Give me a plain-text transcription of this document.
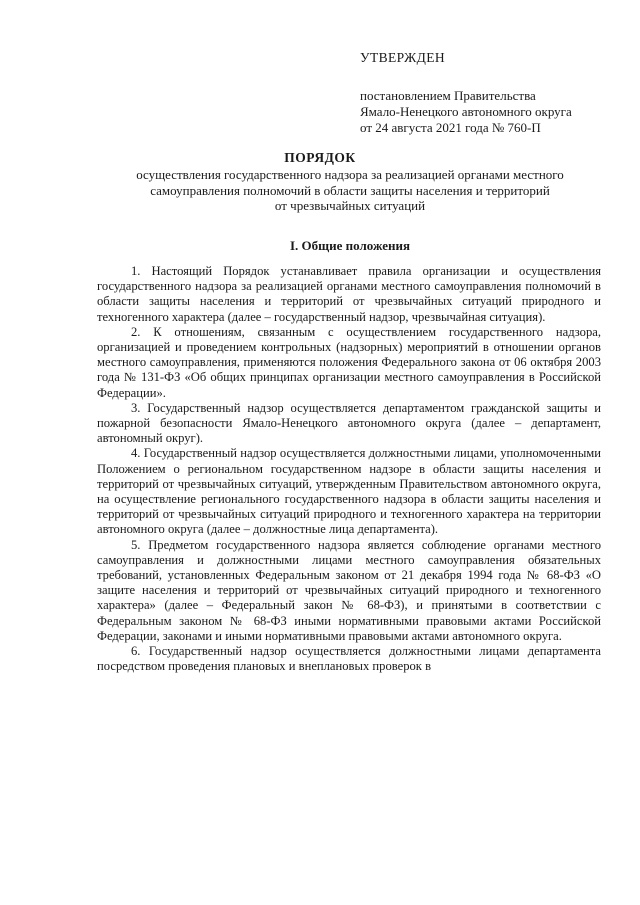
УТВЕРЖДЕН
постановлением Правительства
Ямало-Ненецкого автономного округа
от 24 августа 2021 года № 760-П
ПОРЯДОК
осуществления государственного надзора за реализацией органами местного
самоуправления полномочий в области защиты населения и территорий
от чрезвычайных ситуаций
I. Общие положения

1. Настоящий Порядок устанавливает правила организации и осуществления государственного надзора за реализацией органами местного самоуправления полномочий в области защиты населения и территорий от чрезвычайных ситуаций природного и техногенного характера (далее – государственный надзор, чрезвычайная ситуация).

2. К отношениям, связанным с осуществлением государственного надзора, организацией и проведением контрольных (надзорных) мероприятий в отношении органов местного самоуправления, применяются положения Федерального закона от 06 октября 2003 года № 131-ФЗ «Об общих принципах организации местного самоуправления в Российской Федерации».

3. Государственный надзор осуществляется департаментом гражданской защиты и пожарной безопасности Ямало-Ненецкого автономного округа (далее – департамент, автономный округ).

4. Государственный надзор осуществляется должностными лицами, уполномоченными Положением о региональном государственном надзоре в области защиты населения и территорий от чрезвычайных ситуаций, утвержденным Правительством автономного округа, на осуществление регионального государственного надзора в области защиты населения и территорий от чрезвычайных ситуаций природного и техногенного характера на территории автономного округа (далее – должностные лица департамента).

5. Предметом государственного надзора является соблюдение органами местного самоуправления и должностными лицами местного самоуправления обязательных требований, установленных Федеральным законом от 21 декабря 1994 года № 68-ФЗ «О защите населения и территорий от чрезвычайных ситуаций природного и техногенного характера» (далее – Федеральный закон № 68-ФЗ), и принятыми в соответствии с Федеральным законом № 68-ФЗ иными нормативными правовыми актами Российской Федерации, законами и иными нормативными правовыми актами автономного округа.

6. Государственный надзор осуществляется должностными лицами департамента посредством проведения плановых и внеплановых проверок в
